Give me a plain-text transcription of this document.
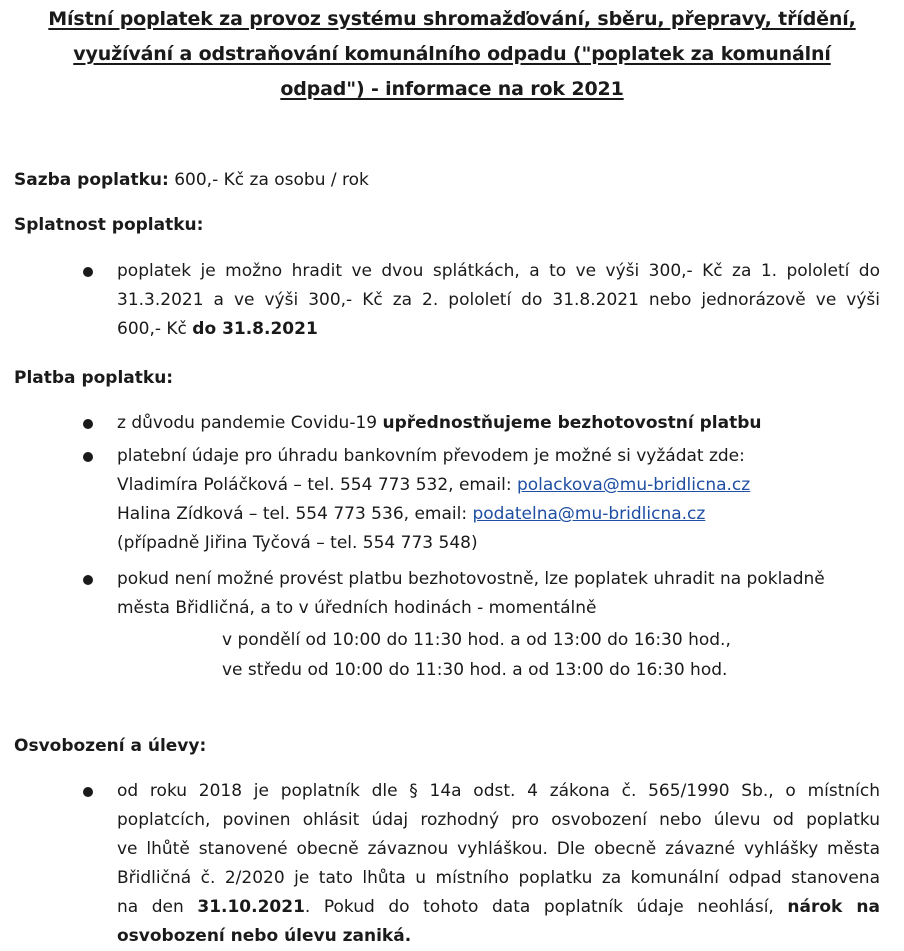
Místní poplatek za provoz systému shromažďování, sběru, přepravy, třídění,
využívání a odstraňování komunálního odpadu ("poplatek za komunální
odpad") - informace na rok 2021

Sazba poplatku: 600,- Kč za osobu / rok

Splatnost poplatku:

poplatek je možno hradit ve dvou splátkách, a to ve výši 300,- Kč za 1. pololetí do
31.3.2021 a ve výši 300,- Kč za 2. pololetí do 31.8.2021 nebo jednorázově ve výši
600,- Kč do 31.8.2021

Platba poplatku:

z důvodu pandemie Covidu-19 upřednostňujeme bezhotovostní platbu
platební údaje pro úhradu bankovním převodem je možné si vyžádat zde:
Vladimíra Poláčková – tel. 554 773 532, email: polackova@mu-bridlicna.cz
Halina Zídková – tel. 554 773 536, email: podatelna@mu-bridlicna.cz
(případně Jiřina Tyčová – tel. 554 773 548)
pokud není možné provést platbu bezhotovostně, lze poplatek uhradit na pokladně
města Břidličná, a to v úředních hodinách - momentálně

v pondělí od 10:00 do 11:30 hod. a od 13:00 do 16:30 hod.,

ve středu od 10:00 do 11:30 hod. a od 13:00 do 16:30 hod.

Osvobození a úlevy:

od roku 2018 je poplatník dle § 14a odst. 4 zákona č. 565/1990 Sb., o místních
poplatcích, povinen ohlásit údaj rozhodný pro osvobození nebo úlevu od poplatku
ve lhůtě stanovené obecně závaznou vyhláškou. Dle obecně závazné vyhlášky města
Břidličná č. 2/2020 je tato lhůta u místního poplatku za komunální odpad stanovena
na den 31.10.2021. Pokud do tohoto data poplatník údaje neohlásí, nárok na
osvobození nebo úlevu zaniká.
